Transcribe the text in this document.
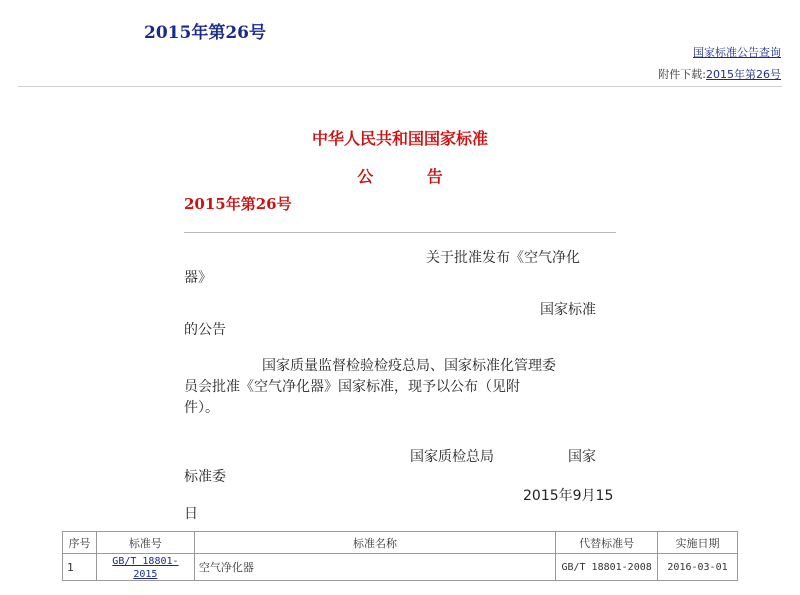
2015年第26号
国家标准公告查询
附件下载:2015年第26号
中华人民共和国国家标准
公	告
2015年第26号
关于批准发布《空气净化
器》
国家标准
的公告
国家质量监督检验检疫总局、国家标准化管理委
员会批准《空气净化器》国家标准，现予以公布（见附
件）。
国家质检总局	国家
标准委
2015年9月15
日
序号	标准号	标准名称	代替标准号	实施日期
1	GB/T 18801-2015	空气净化器	GB/T 18801-2008	2016-03-01
